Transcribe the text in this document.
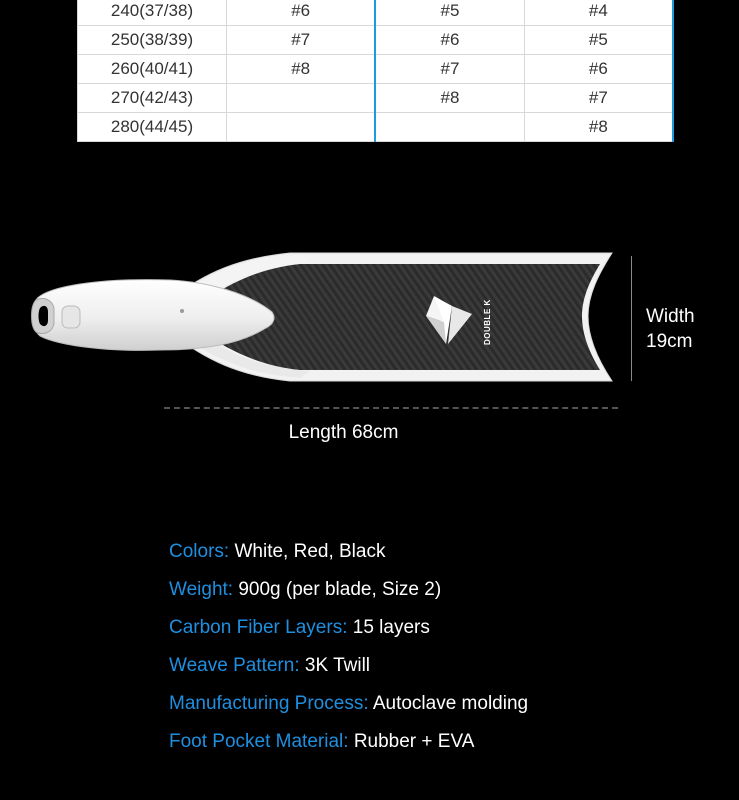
240(37/38)	#6	#5	#4
250(38/39)	#7	#6	#5
260(40/41)	#8	#7	#6
270(42/43)		#8	#7
280(44/45)			#8
DOUBLE K	Width
19cm
Length 68cm
Colors: White, Red, Black
Weight: 900g (per blade, Size 2)
Carbon Fiber Layers: 15 layers
Weave Pattern: 3K Twill
Manufacturing Process: Autoclave molding
Foot Pocket Material: Rubber + EVA
